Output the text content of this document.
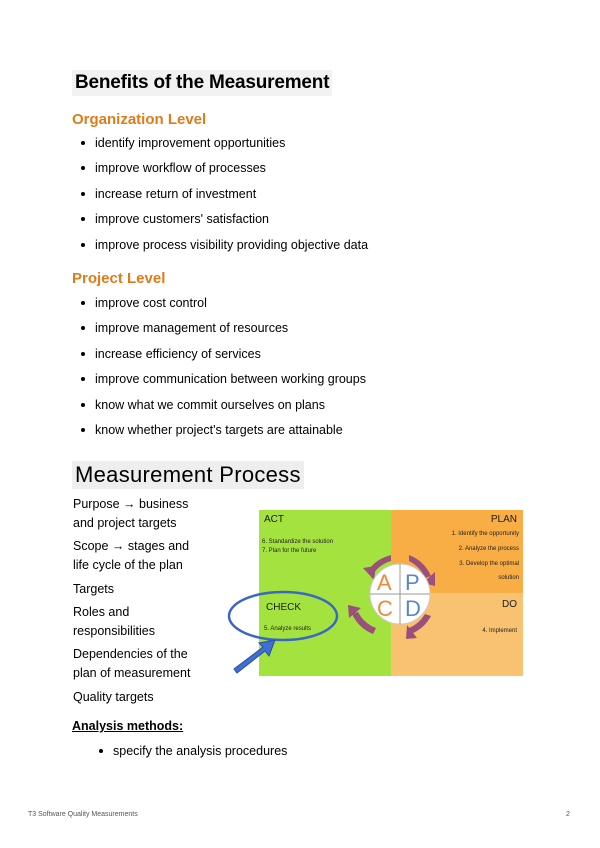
Benefits of the Measurement
Organization Level
identify improvement opportunities
improve workflow of processes
increase return of investment
improve customers' satisfaction
improve process visibility providing objective data
Project Level
improve cost control
improve management of resources
increase efficiency of services
improve communication between working groups
know what we commit ourselves on plans
know whether project's targets are attainable
Measurement Process

Purpose → business and project targets

Scope → stages and life cycle of the plan

Targets

Roles and responsibilities

Dependencies of the plan of measurement

Quality targets

ACT
6. Standardize the solution
7. Plan for the future
PLAN
1. Identify the opportunity
2. Analyze the process
3. Develop the optimal
solution
CHECK
5. Analyze results
DO
4. Implement
A P
C D
Analysis methods:
specify the analysis procedures
T3 Software Quality Measurements	2
